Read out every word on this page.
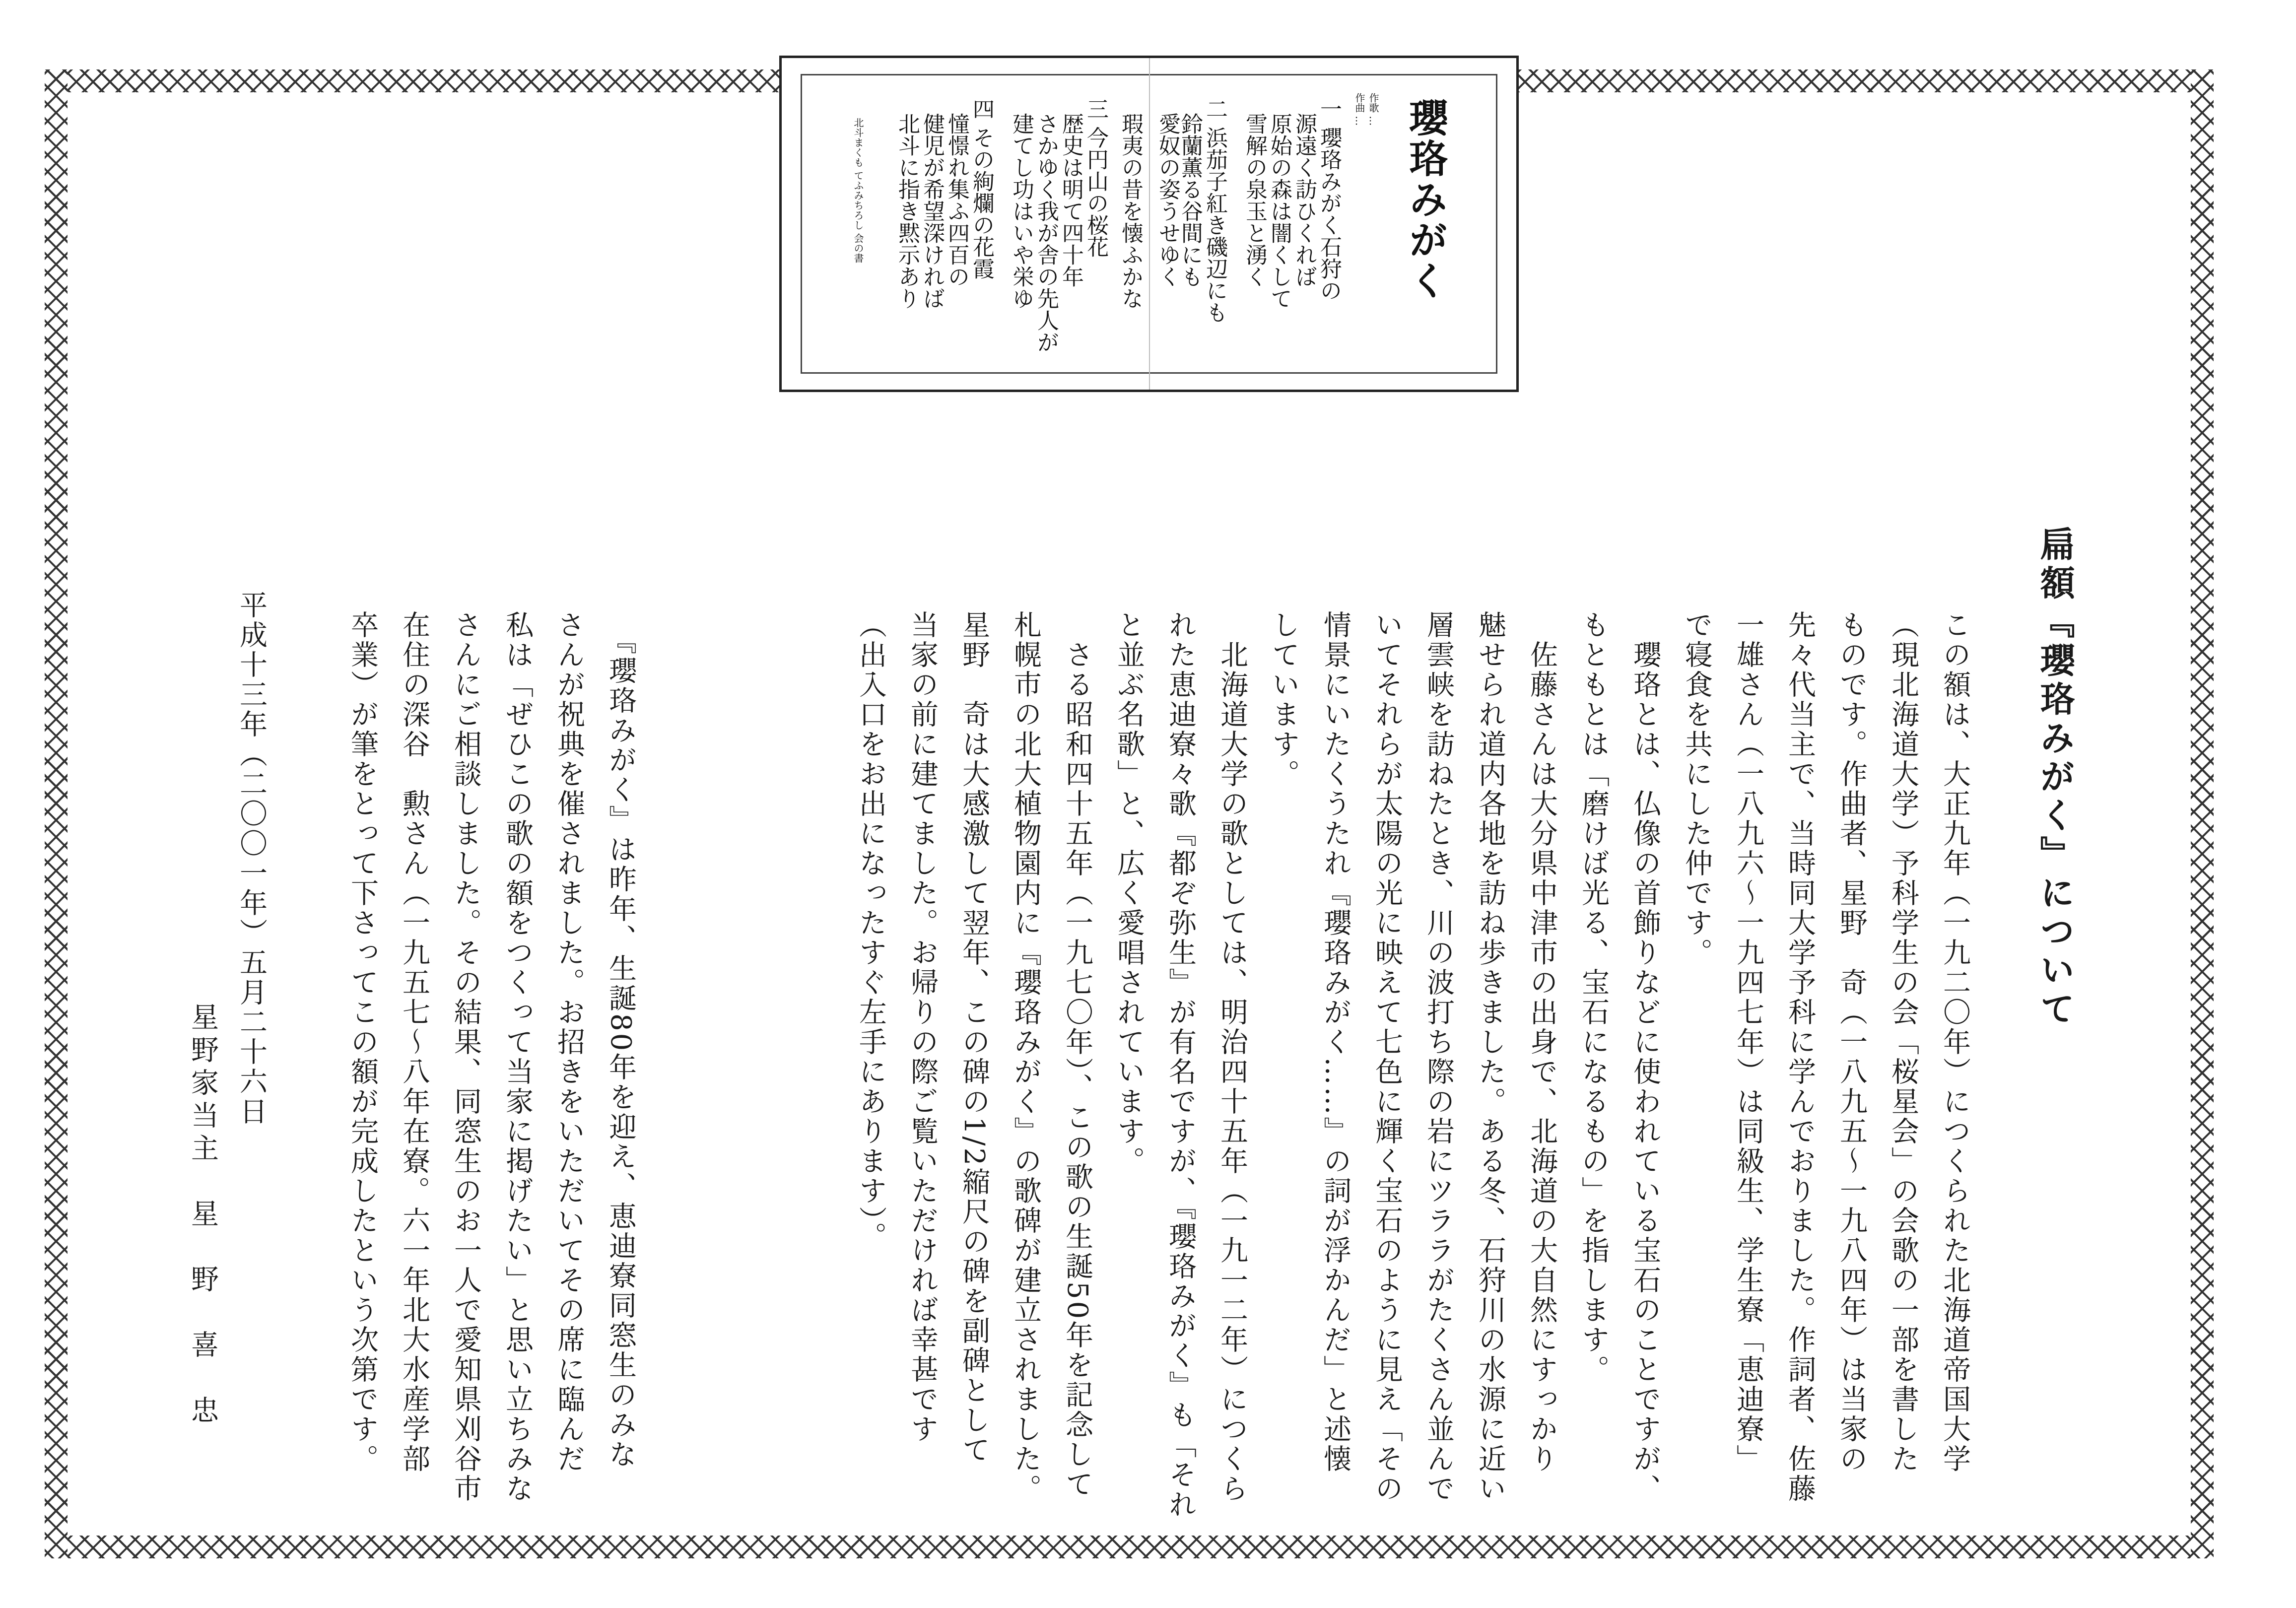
瓔珞みがく
作歌 …
作曲 …
一 瓔珞みがく石狩の
源遠く訪ひくれば
原始の森は闇くして
雪解の泉玉と湧く
二 浜茄子紅き磯辺にも
鈴蘭薫る谷間にも
愛奴の姿うせゆく
瑕夷の昔を懐ふかな
三 今円山の桜花
歴史は明て四十年
さかゆく我が舎の先人が
建てし功はいや栄ゆ
四 その絢爛の花霞
憧憬れ集ふ四百の
健児が希望深ければ
北斗に指き黙示あり
北斗まくも てふみちろし 会の書
扁額『瓔珞みがく』について
この額は、大正九年（一九二〇年）につくられた北海道帝国大学
（現北海道大学）予科学生の会「桜星会」の会歌の一部を書した
ものです。作曲者、星野　奇（一八九五～一九八四年）は当家の
先々代当主で、当時同大学予科に学んでおりました。作詞者、佐藤
一雄さん（一八九六～一九四七年）は同級生、学生寮「恵迪寮」
で寝食を共にした仲です。
　瓔珞とは、仏像の首飾りなどに使われている宝石のことですが、
もともとは「磨けば光る、宝石になるもの」を指します。
　佐藤さんは大分県中津市の出身で、北海道の大自然にすっかり
魅せられ道内各地を訪ね歩きました。ある冬、石狩川の水源に近い
層雲峡を訪ねたとき、川の波打ち際の岩にツララがたくさん並んで
いてそれらが太陽の光に映えて七色に輝く宝石のように見え「その
情景にいたくうたれ『瓔珞みがく……』の詞が浮かんだ」と述懐
しています。
　北海道大学の歌としては、明治四十五年（一九一二年）につくら
れた恵迪寮々歌『都ぞ弥生』が有名ですが、『瓔珞みがく』も「それ
と並ぶ名歌」と、広く愛唱されています。
　さる昭和四十五年（一九七〇年）、この歌の生誕50年を記念して
札幌市の北大植物園内に『瓔珞みがく』の歌碑が建立されました。
星野　奇は大感激して翌年、この碑の1/2縮尺の碑を副碑として
当家の前に建てました。お帰りの際ご覧いただければ幸甚です
（出入口をお出になったすぐ左手にあります）。
　『瓔珞みがく』は昨年、生誕80年を迎え、恵迪寮同窓生のみな
さんが祝典を催されました。お招きをいただいてその席に臨んだ
私は「ぜひこの歌の額をつくって当家に掲げたい」と思い立ちみな
さんにご相談しました。その結果、同窓生のお一人で愛知県刈谷市
在住の深谷　勲さん（一九五七～八年在寮。六一年北大水産学部
卒業）が筆をとって下さってこの額が完成したという次第です。
平成十三年（二〇〇一年）五月二十六日
星野家当主　星　野　喜　忠
